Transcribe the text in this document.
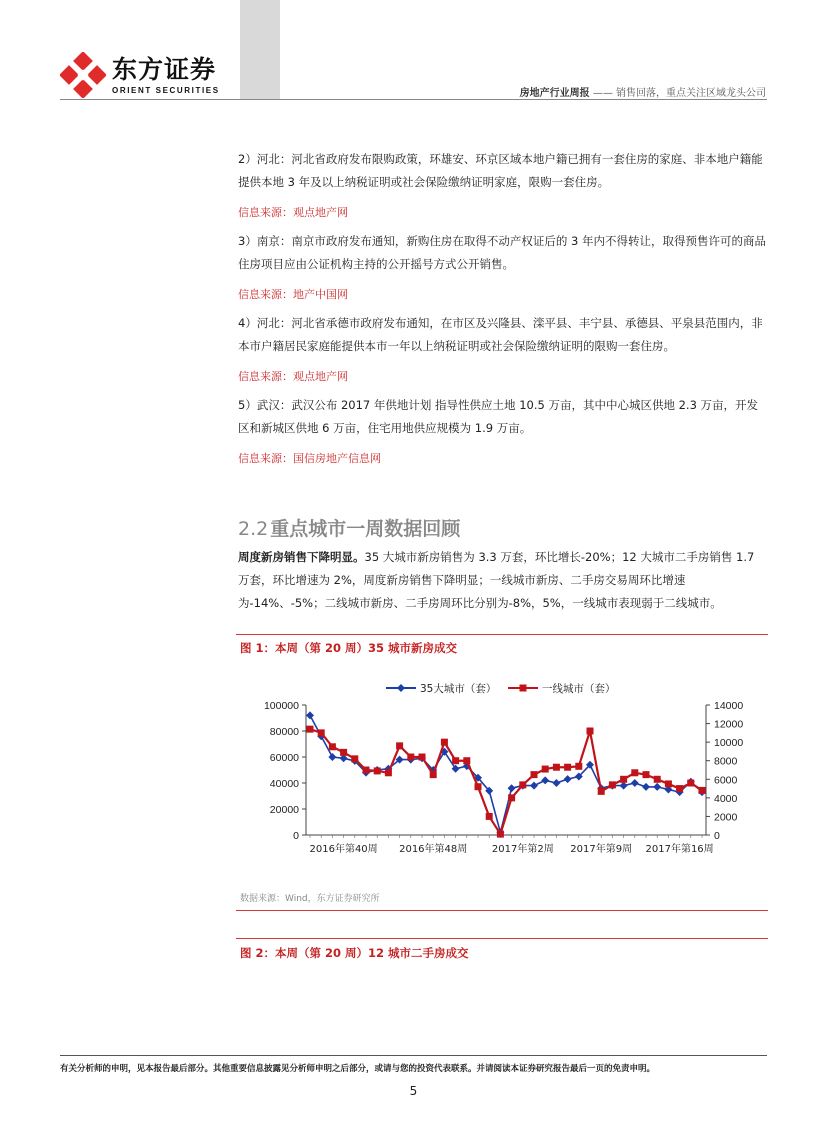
东方证券
ORIENT SECURITIES	房地产行业周报 —— 销售回落，重点关注区域龙头公司

2）河北：河北省政府发布限购政策，环雄安、环京区域本地户籍已拥有一套住房的家庭、非本地户籍能提供本地 3 年及以上纳税证明或社会保险缴纳证明家庭，限购一套住房。

信息来源：观点地产网

3）南京：南京市政府发布通知，新购住房在取得不动产权证后的 3 年内不得转让，取得预售许可的商品住房项目应由公证机构主持的公开摇号方式公开销售。

信息来源：地产中国网

4）河北：河北省承德市政府发布通知，在市区及兴隆县、滦平县、丰宁县、承德县、平泉县范围内，非本市户籍居民家庭能提供本市一年以上纳税证明或社会保险缴纳证明的限购一套住房。

信息来源：观点地产网

5）武汉：武汉公布 2017 年供地计划 指导性供应土地 10.5 万亩，其中中心城区供地 2.3 万亩，开发区和新城区供地 6 万亩，住宅用地供应规模为 1.9 万亩。

信息来源：国信房地产信息网
2.2 重点城市一周数据回顾

周度新房销售下降明显。35 大城市新房销售为 3.3 万套，环比增长-20%；12 大城市二手房销售 1.7 万套，环比增速为 2%，周度新房销售下降明显；一线城市新房、二手房交易周环比增速为-14%、-5%；二线城市新房、二手房周环比分别为-8%，5%，一线城市表现弱于二线城市。

图 1：本周（第 20 周）35 城市新房成交
0
20000
40000
60000
80000
100000
0
2000
4000
6000
8000
10000
12000
14000
2016年第40周 2016年第48周 2017年第2周 2017年第9周 2017年第16周
35大城市（套）	一线城市（套）
数据来源：Wind，东方证券研究所
图 2：本周（第 20 周）12 城市二手房成交
有关分析师的申明，见本报告最后部分。其他重要信息披露见分析师申明之后部分，或请与您的投资代表联系。并请阅读本证券研究报告最后一页的免责申明。
5
